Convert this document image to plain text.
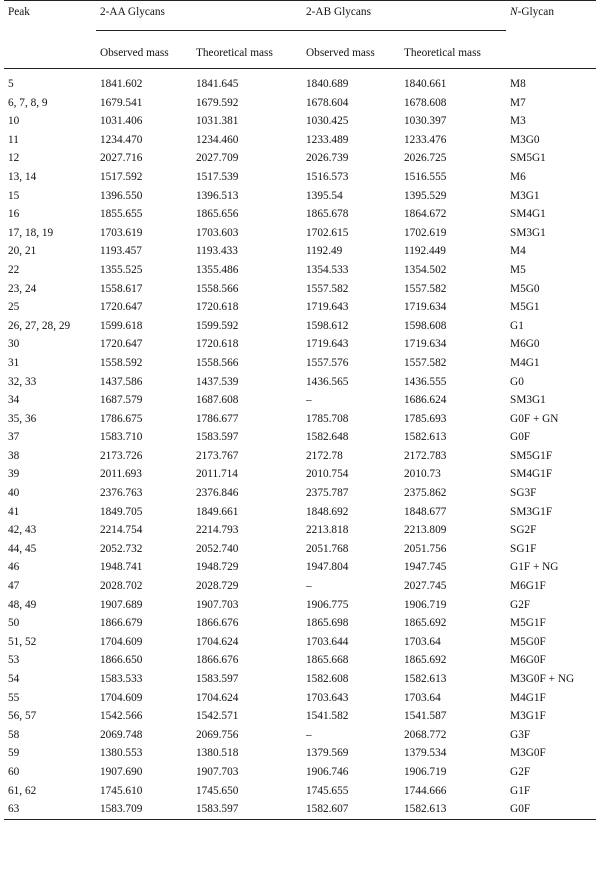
Peak	2-AA Glycans		2-AB Glycans		N-Glycan
	Observed mass	Theoretical mass	Observed mass	Theoretical mass	
5	1841.602	1841.645	1840.689	1840.661	M8
6, 7, 8, 9	1679.541	1679.592	1678.604	1678.608	M7
10	1031.406	1031.381	1030.425	1030.397	M3
11	1234.470	1234.460	1233.489	1233.476	M3G0
12	2027.716	2027.709	2026.739	2026.725	SM5G1
13, 14	1517.592	1517.539	1516.573	1516.555	M6
15	1396.550	1396.513	1395.54	1395.529	M3G1
16	1855.655	1865.656	1865.678	1864.672	SM4G1
17, 18, 19	1703.619	1703.603	1702.615	1702.619	SM3G1
20, 21	1193.457	1193.433	1192.49	1192.449	M4
22	1355.525	1355.486	1354.533	1354.502	M5
23, 24	1558.617	1558.566	1557.582	1557.582	M5G0
25	1720.647	1720.618	1719.643	1719.634	M5G1
26, 27, 28, 29	1599.618	1599.592	1598.612	1598.608	G1
30	1720.647	1720.618	1719.643	1719.634	M6G0
31	1558.592	1558.566	1557.576	1557.582	M4G1
32, 33	1437.586	1437.539	1436.565	1436.555	G0
34	1687.579	1687.608	–	1686.624	SM3G1
35, 36	1786.675	1786.677	1785.708	1785.693	G0F + GN
37	1583.710	1583.597	1582.648	1582.613	G0F
38	2173.726	2173.767	2172.78	2172.783	SM5G1F
39	2011.693	2011.714	2010.754	2010.73	SM4G1F
40	2376.763	2376.846	2375.787	2375.862	SG3F
41	1849.705	1849.661	1848.692	1848.677	SM3G1F
42, 43	2214.754	2214.793	2213.818	2213.809	SG2F
44, 45	2052.732	2052.740	2051.768	2051.756	SG1F
46	1948.741	1948.729	1947.804	1947.745	G1F + NG
47	2028.702	2028.729	–	2027.745	M6G1F
48, 49	1907.689	1907.703	1906.775	1906.719	G2F
50	1866.679	1866.676	1865.698	1865.692	M5G1F
51, 52	1704.609	1704.624	1703.644	1703.64	M5G0F
53	1866.650	1866.676	1865.668	1865.692	M6G0F
54	1583.533	1583.597	1582.608	1582.613	M3G0F + NG
55	1704.609	1704.624	1703.643	1703.64	M4G1F
56, 57	1542.566	1542.571	1541.582	1541.587	M3G1F
58	2069.748	2069.756	–	2068.772	G3F
59	1380.553	1380.518	1379.569	1379.534	M3G0F
60	1907.690	1907.703	1906.746	1906.719	G2F
61, 62	1745.610	1745.650	1745.655	1744.666	G1F
63	1583.709	1583.597	1582.607	1582.613	G0F
